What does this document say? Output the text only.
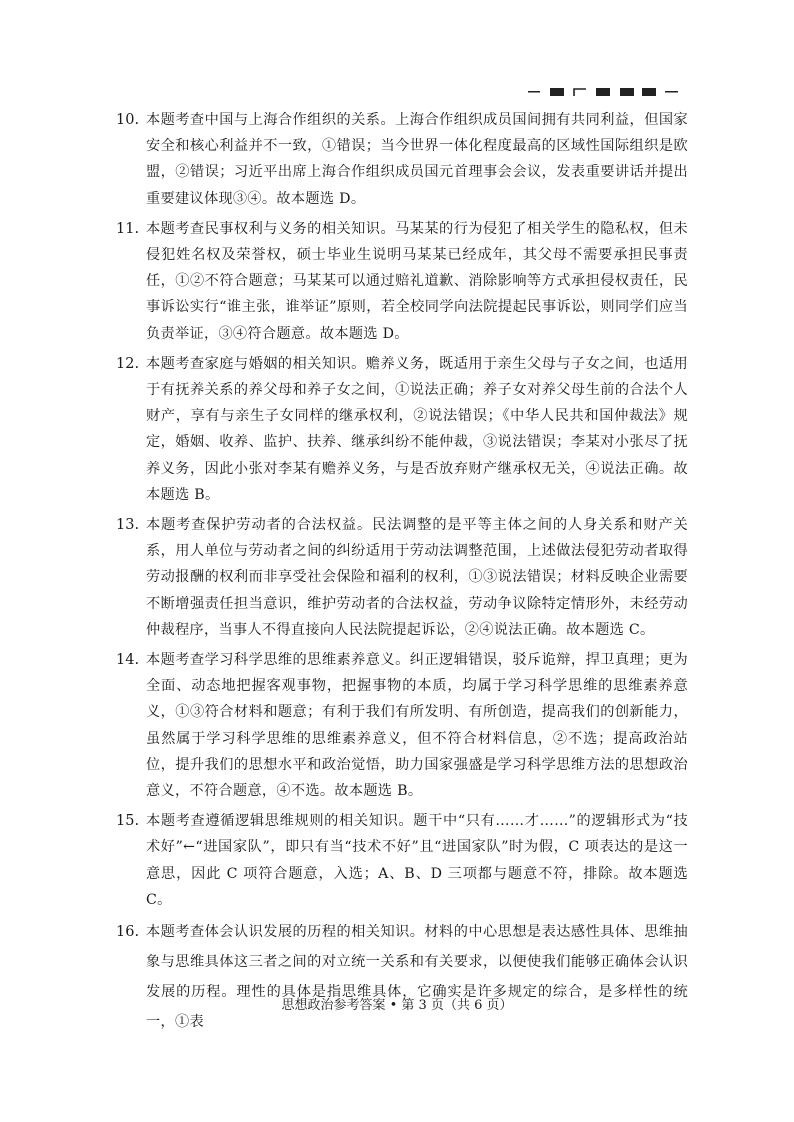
10. 本题考查中国与上海合作组织的关系。上海合作组织成员国间拥有共同利益，但国家安全和核心利益并不一致，①错误；当今世界一体化程度最高的区域性国际组织是欧盟，②错误；习近平出席上海合作组织成员国元首理事会会议，发表重要讲话并提出重要建议体现③④。故本题选 D。
11. 本题考查民事权利与义务的相关知识。马某某的行为侵犯了相关学生的隐私权，但未侵犯姓名权及荣誉权，硕士毕业生说明马某某已经成年，其父母不需要承担民事责任，①②不符合题意；马某某可以通过赔礼道歉、消除影响等方式承担侵权责任，民事诉讼实行“谁主张，谁举证”原则，若全校同学向法院提起民事诉讼，则同学们应当负责举证，③④符合题意。故本题选 D。
12. 本题考查家庭与婚姻的相关知识。赡养义务，既适用于亲生父母与子女之间，也适用于有抚养关系的养父母和养子女之间，①说法正确；养子女对养父母生前的合法个人财产，享有与亲生子女同样的继承权利，②说法错误；《中华人民共和国仲裁法》规定，婚姻、收养、监护、扶养、继承纠纷不能仲裁，③说法错误；李某对小张尽了抚养义务，因此小张对李某有赡养义务，与是否放弃财产继承权无关，④说法正确。故本题选 B。
13. 本题考查保护劳动者的合法权益。民法调整的是平等主体之间的人身关系和财产关系，用人单位与劳动者之间的纠纷适用于劳动法调整范围，上述做法侵犯劳动者取得劳动报酬的权利而非享受社会保险和福利的权利，①③说法错误；材料反映企业需要不断增强责任担当意识，维护劳动者的合法权益，劳动争议除特定情形外，未经劳动仲裁程序，当事人不得直接向人民法院提起诉讼，②④说法正确。故本题选 C。
14. 本题考查学习科学思维的思维素养意义。纠正逻辑错误，驳斥诡辩，捍卫真理；更为全面、动态地把握客观事物，把握事物的本质，均属于学习科学思维的思维素养意义，①③符合材料和题意；有利于我们有所发明、有所创造，提高我们的创新能力，虽然属于学习科学思维的思维素养意义，但不符合材料信息，②不选；提高政治站位，提升我们的思想水平和政治觉悟，助力国家强盛是学习科学思维方法的思想政治意义，不符合题意，④不选。故本题选 B。
15. 本题考查遵循逻辑思维规则的相关知识。题干中“只有……才……”的逻辑形式为“技术好”←“进国家队”，即只有当“技术不好”且“进国家队”时为假，C 项表达的是这一意思，因此 C 项符合题意，入选；A、B、D 三项都与题意不符，排除。故本题选 C。
16. 本题考查体会认识发展的历程的相关知识。材料的中心思想是表达感性具体、思维抽象与思维具体这三者之间的对立统一关系和有关要求，以便使我们能够正确体会认识发展的历程。理性的具体是指思维具体，它确实是许多规定的综合，是多样性的统一，①表
思想政治参考答案 • 第 3 页（共 6 页）
